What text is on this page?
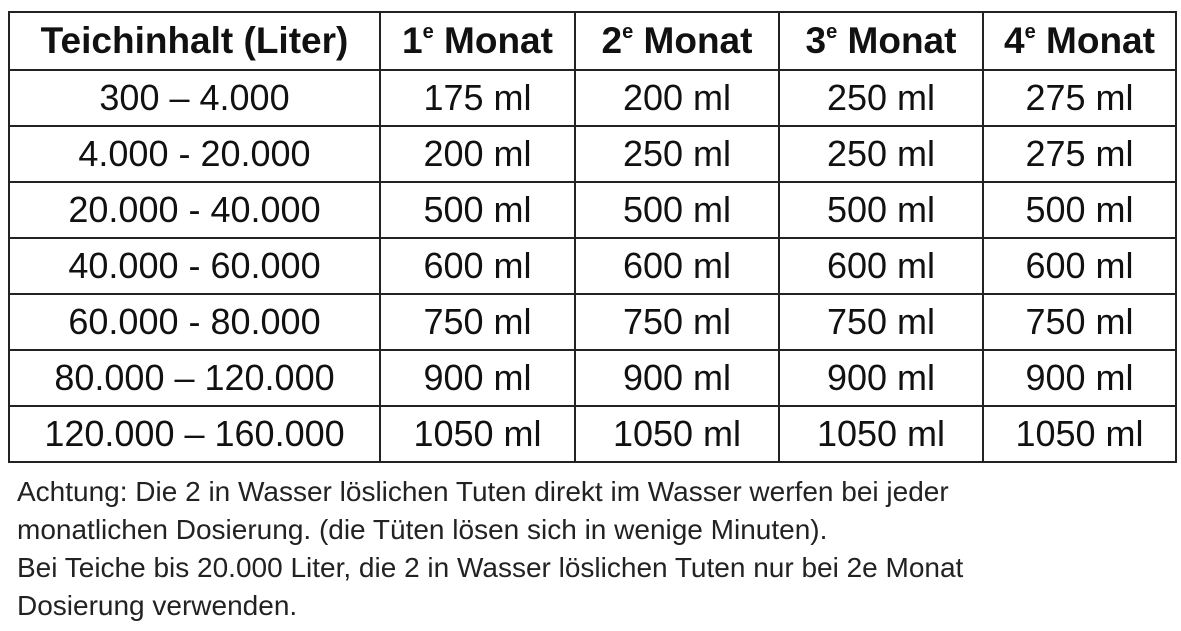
Teichinhalt (Liter)	1e Monat	2e Monat	3e Monat	4e Monat
300 – 4.000	175 ml	200 ml	250 ml	275 ml
4.000 - 20.000	200 ml	250 ml	250 ml	275 ml
20.000 - 40.000	500 ml	500 ml	500 ml	500 ml
40.000 - 60.000	600 ml	600 ml	600 ml	600 ml
60.000 - 80.000	750 ml	750 ml	750 ml	750 ml
80.000 – 120.000	900 ml	900 ml	900 ml	900 ml
120.000 – 160.000	1050 ml	1050 ml	1050 ml	1050 ml

Achtung: Die 2 in Wasser löslichen Tuten direkt im Wasser werfen bei jeder

monatlichen Dosierung. (die Tüten lösen sich in wenige Minuten).

Bei Teiche bis 20.000 Liter, die 2 in Wasser löslichen Tuten nur bei 2e Monat

Dosierung verwenden.
